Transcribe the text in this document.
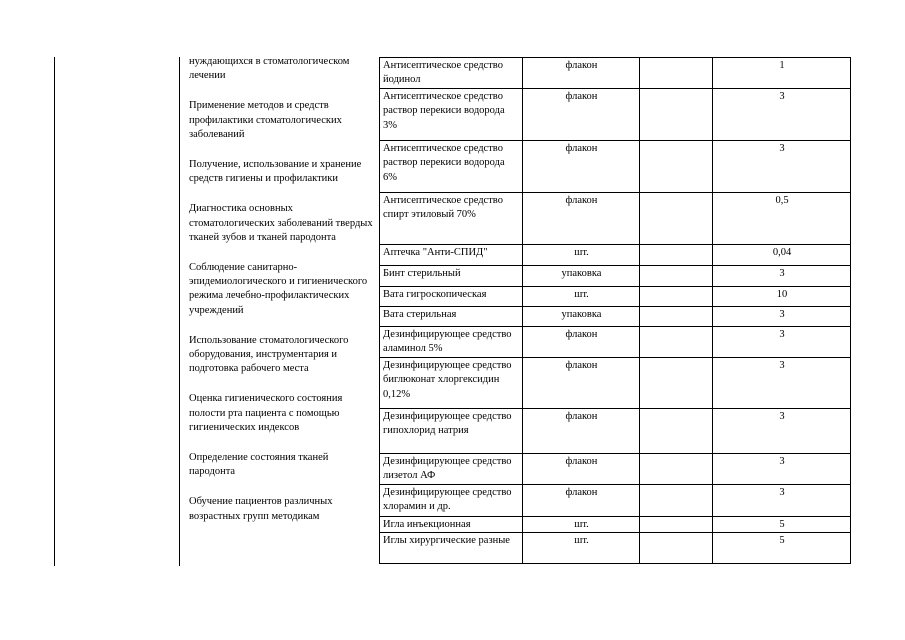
нуждающихся в стоматологическом лечении
Применение методов и средств профилактики стоматологических заболеваний
Получение, использование и хранение средств гигиены и профилактики
Диагностика основных стоматологических заболеваний твердых тканей зубов и тканей пародонта
Соблюдение санитарно-эпидемиологического и гигиенического режима лечебно-профилактических учреждений
Использование стоматологического оборудования, инструментария и подготовка рабочего места
Оценка гигиенического состояния полости рта пациента с помощью гигиенических индексов
Определение состояния тканей пародонта
Обучение пациентов различных возрастных групп методикам
Антисептическое средство йодинол	флакон		1
Антисептическое средство раствор перекиси водорода 3%	флакон		3
Антисептическое средство раствор перекиси водорода 6%	флакон		3
Антисептическое средство спирт этиловый 70%	флакон		0,5
Аптечка "Анти-СПИД"	шт.		0,04
Бинт стерильный	упаковка		3
Вата гигроскопическая	шт.		10
Вата стерильная	упаковка		3
Дезинфицирующее средство аламинол 5%	флакон		3
Дезинфицирующее средство биглюконат хлоргексидин 0,12%	флакон		3
Дезинфицирующее средство гипохлорид натрия	флакон		3
Дезинфицирующее средство лизетол АФ	флакон		3
Дезинфицирующее средство хлорамин и др.	флакон		3
Игла инъекционная	шт.		5
Иглы хирургические разные	шт.		5
